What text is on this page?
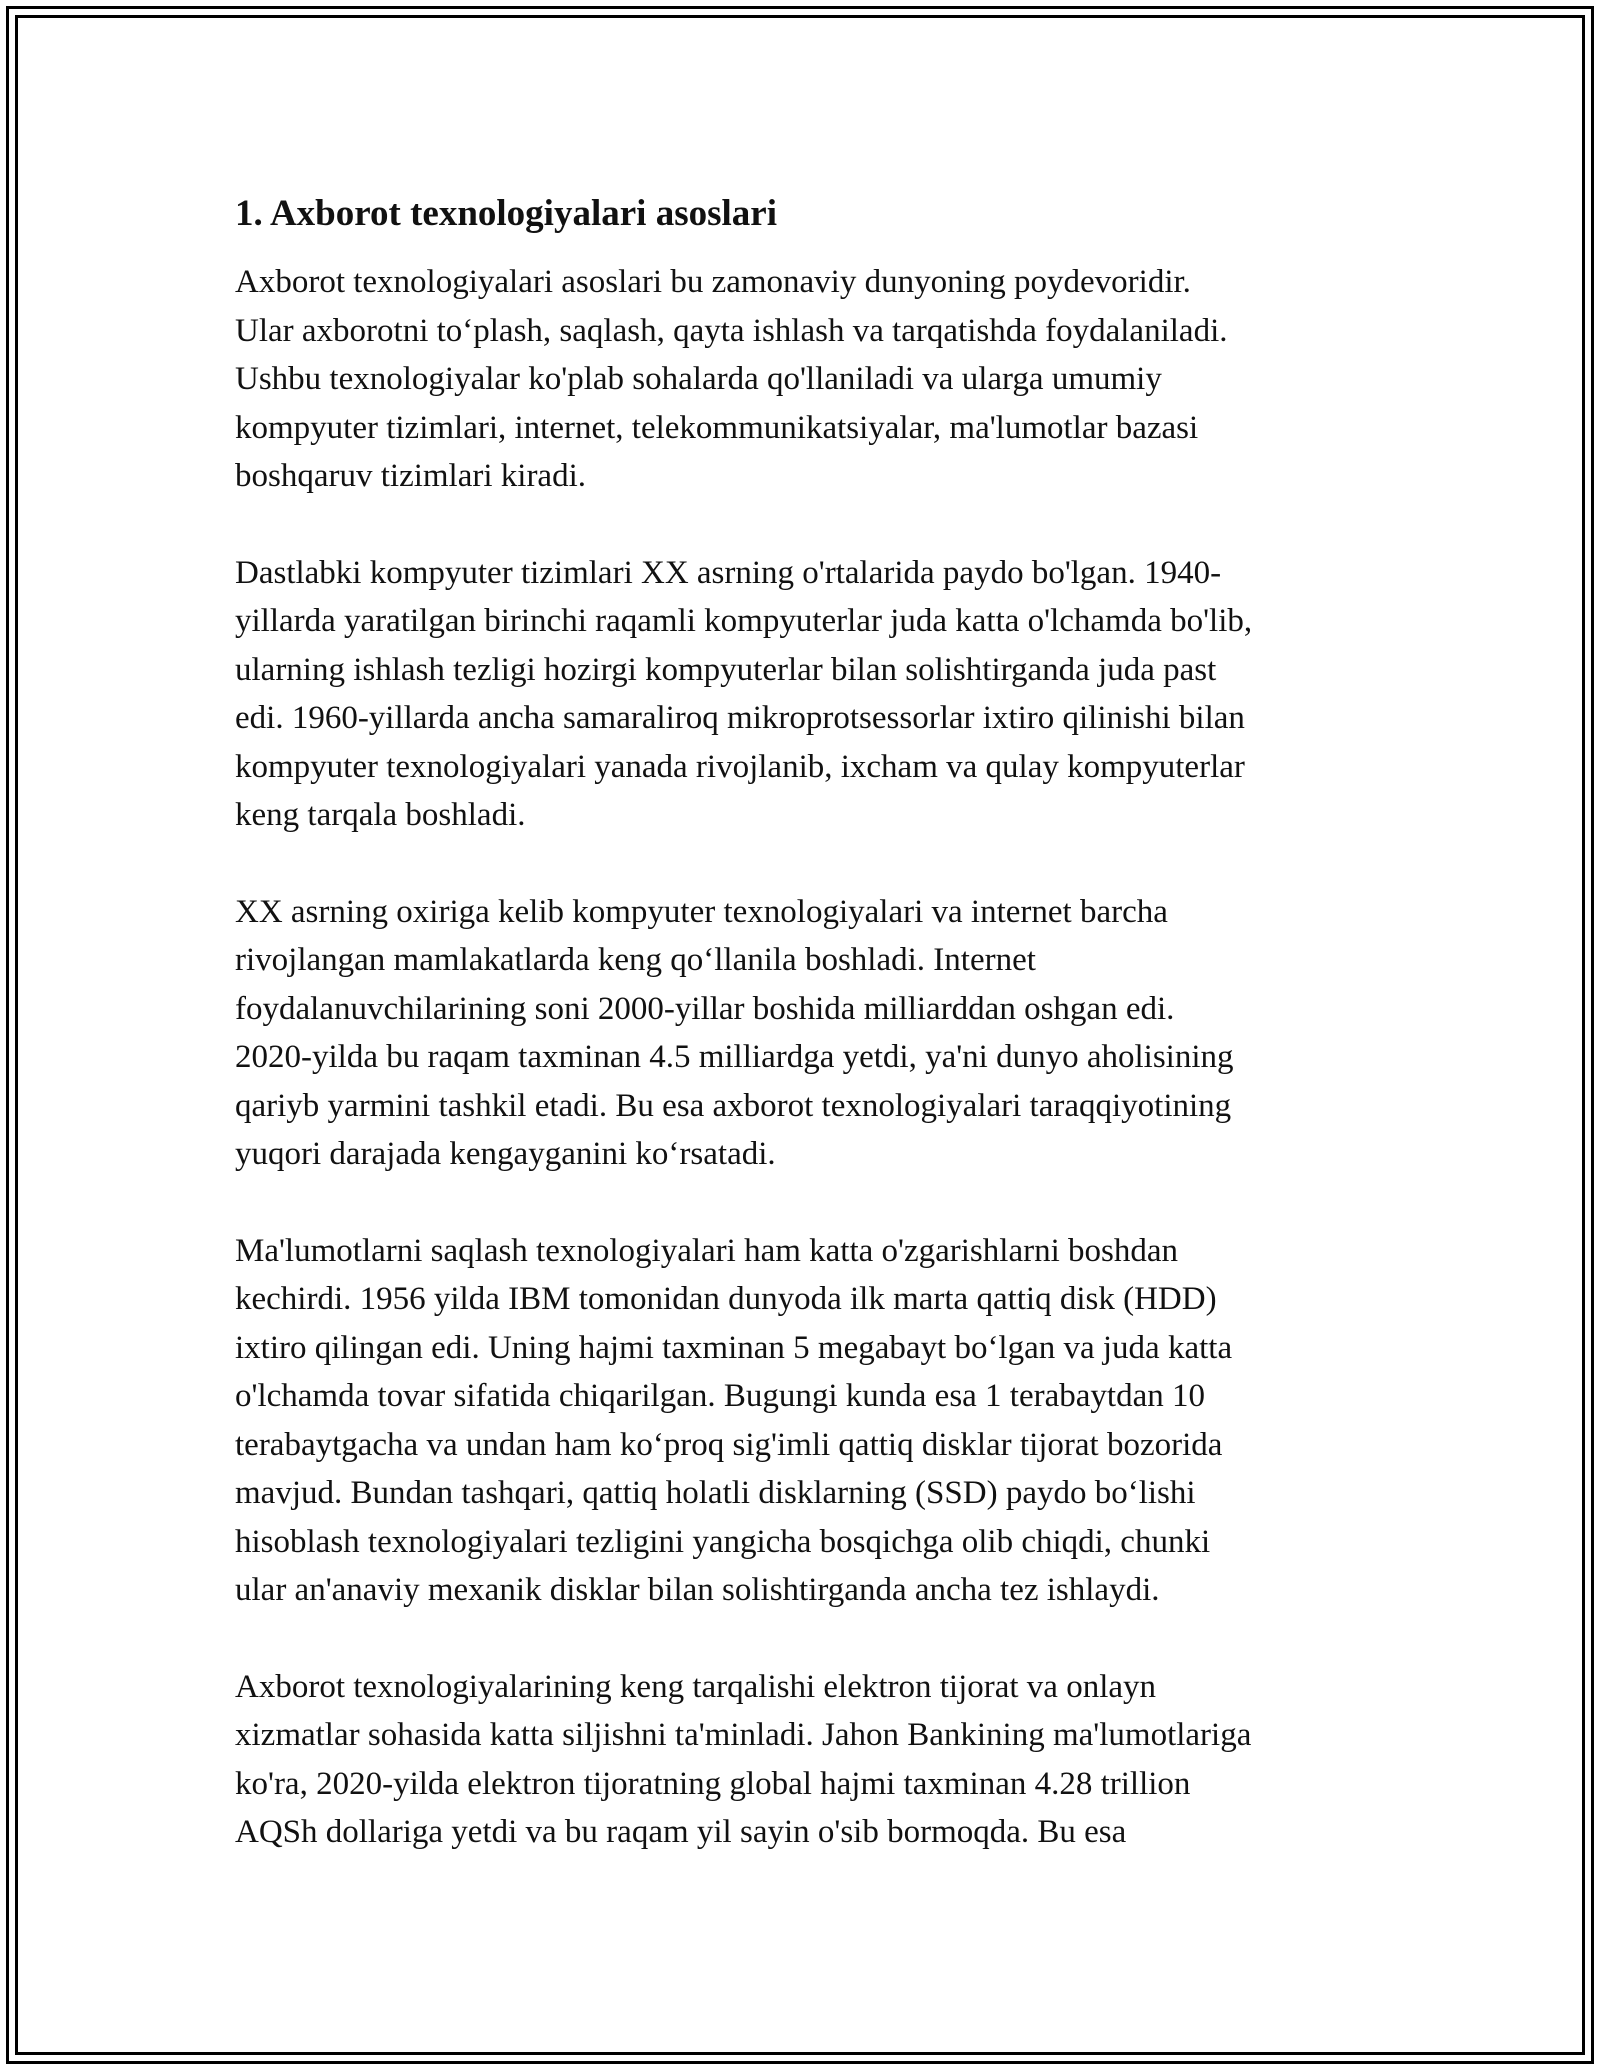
1. Axborot texnologiyalari asoslari

Axborot texnologiyalari asoslari bu zamonaviy dunyoning poydevoridir.
Ular axborotni to‘plash, saqlash, qayta ishlash va tarqatishda foydalaniladi.
Ushbu texnologiyalar ko'plab sohalarda qo'llaniladi va ularga umumiy
kompyuter tizimlari, internet, telekommunikatsiyalar, ma'lumotlar bazasi
boshqaruv tizimlari kiradi.

Dastlabki kompyuter tizimlari XX asrning o'rtalarida paydo bo'lgan. 1940-
yillarda yaratilgan birinchi raqamli kompyuterlar juda katta o'lchamda bo'lib,
ularning ishlash tezligi hozirgi kompyuterlar bilan solishtirganda juda past
edi. 1960-yillarda ancha samaraliroq mikroprotsessorlar ixtiro qilinishi bilan
kompyuter texnologiyalari yanada rivojlanib, ixcham va qulay kompyuterlar
keng tarqala boshladi.

XX asrning oxiriga kelib kompyuter texnologiyalari va internet barcha
rivojlangan mamlakatlarda keng qo‘llanila boshladi. Internet
foydalanuvchilarining soni 2000-yillar boshida milliarddan oshgan edi.
2020-yilda bu raqam taxminan 4.5 milliardga yetdi, ya'ni dunyo aholisining
qariyb yarmini tashkil etadi. Bu esa axborot texnologiyalari taraqqiyotining
yuqori darajada kengayganini ko‘rsatadi.

Ma'lumotlarni saqlash texnologiyalari ham katta o'zgarishlarni boshdan
kechirdi. 1956 yilda IBM tomonidan dunyoda ilk marta qattiq disk (HDD)
ixtiro qilingan edi. Uning hajmi taxminan 5 megabayt bo‘lgan va juda katta
o'lchamda tovar sifatida chiqarilgan. Bugungi kunda esa 1 terabaytdan 10
terabaytgacha va undan ham ko‘proq sig'imli qattiq disklar tijorat bozorida
mavjud. Bundan tashqari, qattiq holatli disklarning (SSD) paydo bo‘lishi
hisoblash texnologiyalari tezligini yangicha bosqichga olib chiqdi, chunki
ular an'anaviy mexanik disklar bilan solishtirganda ancha tez ishlaydi.

Axborot texnologiyalarining keng tarqalishi elektron tijorat va onlayn
xizmatlar sohasida katta siljishni ta'minladi. Jahon Bankining ma'lumotlariga
ko'ra, 2020-yilda elektron tijoratning global hajmi taxminan 4.28 trillion
AQSh dollariga yetdi va bu raqam yil sayin o'sib bormoqda. Bu esa
